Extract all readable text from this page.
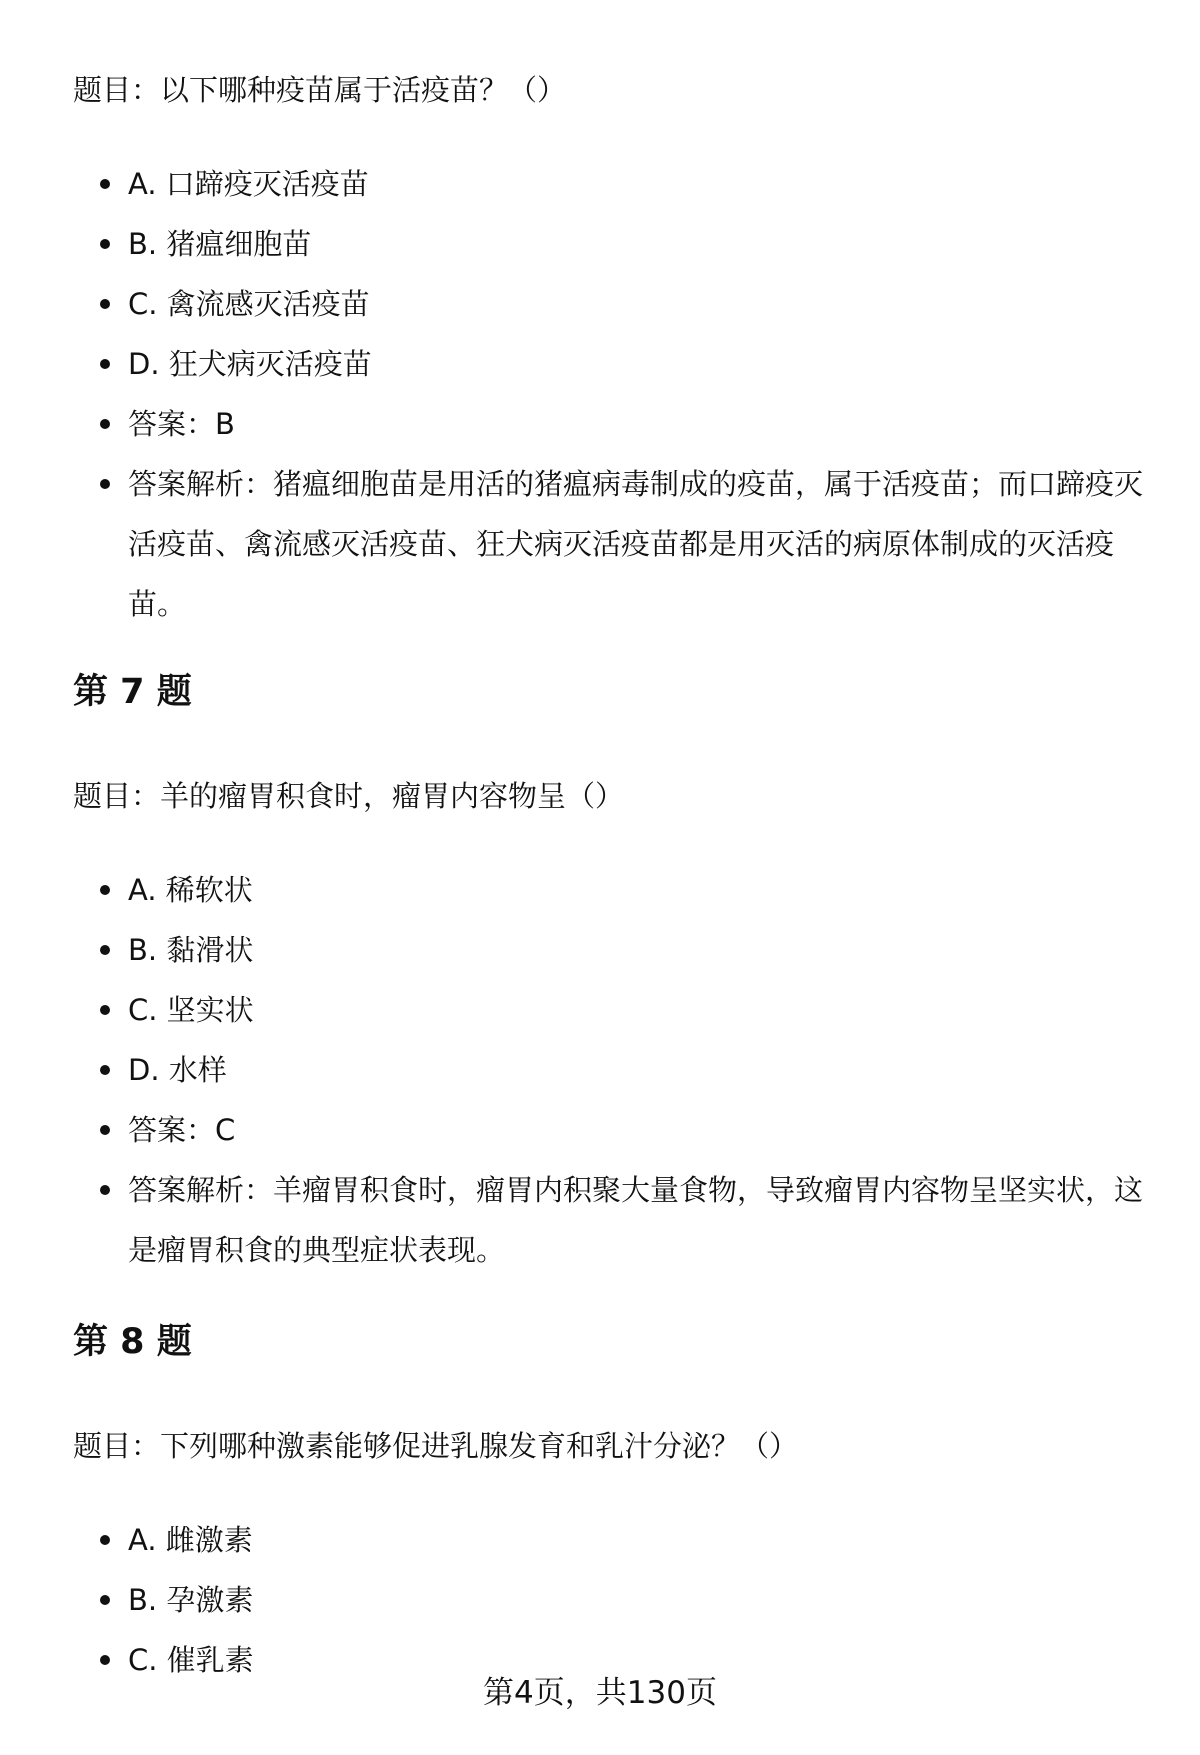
题目：以下哪种疫苗属于活疫苗？（）

A. 口蹄疫灭活疫苗
B. 猪瘟细胞苗
C. 禽流感灭活疫苗
D. 狂犬病灭活疫苗
答案：B
答案解析：猪瘟细胞苗是用活的猪瘟病毒制成的疫苗，属于活疫苗；而口蹄疫灭活疫苗、禽流感灭活疫苗、狂犬病灭活疫苗都是用灭活的病原体制成的灭活疫苗。
第 7 题

题目：羊的瘤胃积食时，瘤胃内容物呈（）

A. 稀软状
B. 黏滑状
C. 坚实状
D. 水样
答案：C
答案解析：羊瘤胃积食时，瘤胃内积聚大量食物，导致瘤胃内容物呈坚实状，这是瘤胃积食的典型症状表现。
第 8 题

题目：下列哪种激素能够促进乳腺发育和乳汁分泌？（）

A. 雌激素
B. 孕激素
C. 催乳素
第4页，共130页
